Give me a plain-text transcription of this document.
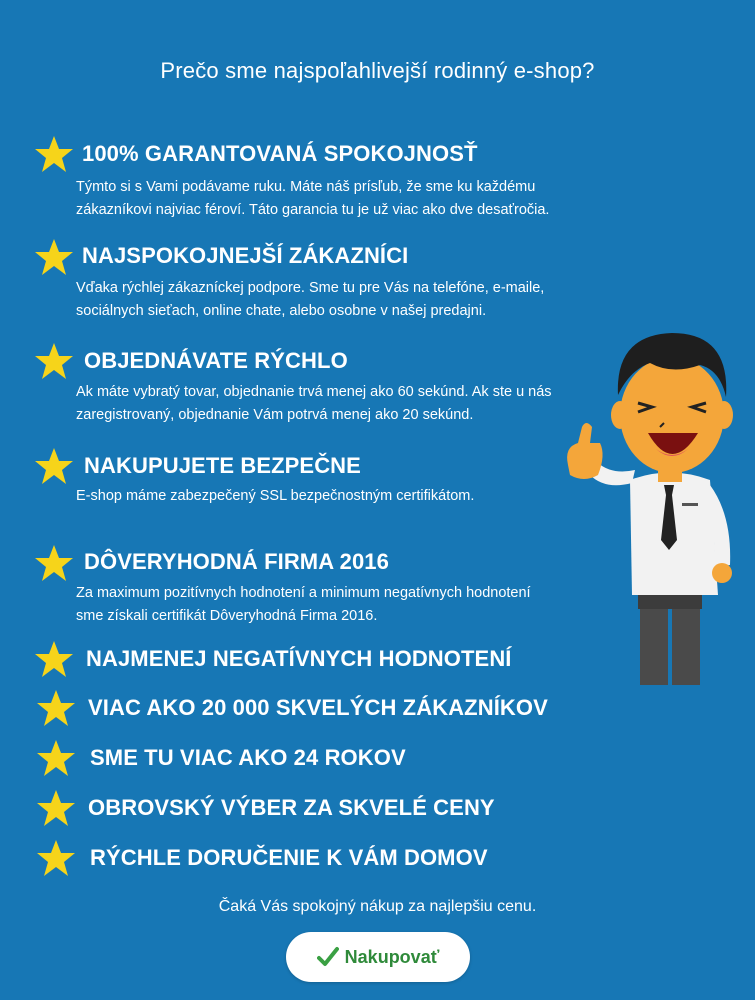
Prečo sme najspoľahlivejší rodinný e-shop?
100% GARANTOVANÁ SPOKOJNOSŤ
Týmto si s Vami podávame ruku. Máte náš prísľub, že sme ku každému
zákazníkovi najviac féroví. Táto garancia tu je už viac ako dve desaťročia.
NAJSPOKOJNEJŠÍ ZÁKAZNÍCI
Vďaka rýchlej zákazníckej podpore. Sme tu pre Vás na telefóne, e-maile,
sociálnych sieťach, online chate, alebo osobne v našej predajni.
OBJEDNÁVATE RÝCHLO
Ak máte vybratý tovar, objednanie trvá menej ako 60 sekúnd. Ak ste u nás
zaregistrovaný, objednanie Vám potrvá menej ako 20 sekúnd.
NAKUPUJETE BEZPEČNE
E-shop máme zabezpečený SSL bezpečnostným certifikátom.
DÔVERYHODNÁ FIRMA 2016
Za maximum pozitívnych hodnotení a minimum negatívnych hodnotení
sme získali certifikát Dôveryhodná Firma 2016.
NAJMENEJ NEGATÍVNYCH HODNOTENÍ
VIAC AKO 20 000 SKVELÝCH ZÁKAZNÍKOV
SME TU VIAC AKO 24 ROKOV
OBROVSKÝ VÝBER ZA SKVELÉ CENY
RÝCHLE DORUČENIE K VÁM DOMOV
Čaká Vás spokojný nákup za najlepšiu cenu.
Nakupovať
